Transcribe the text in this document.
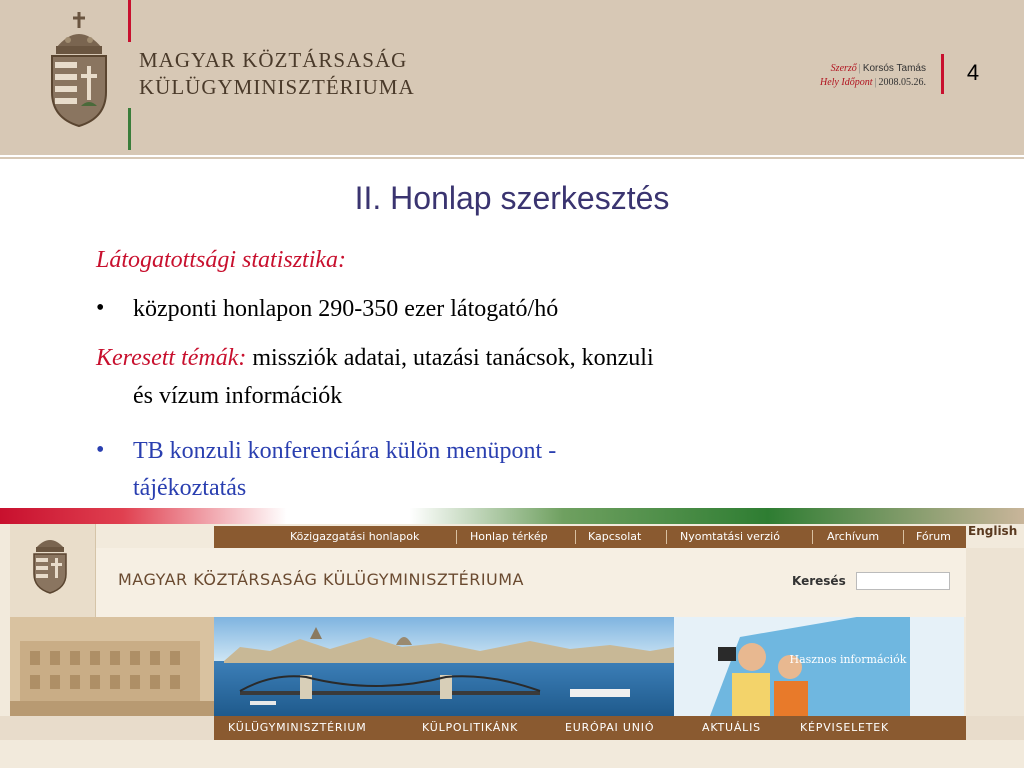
MAGYAR KÖZTÁRSASÁG
KÜLÜGYMINISZTÉRIUMA
Szerző | Korsós Tamás
Hely Időpont | 2008.05.26.	4
II. Honlap szerkesztés
Látogatottsági statisztika:
• központi honlapon 290-350 ezer látogató/hó
Keresett témák: missziók adatai, utazási tanácsok, konzuli
és vízum információk
• TB konzuli konferenciára külön menüpont -
tájékoztatás
Közigazgatási honlapok	Honlap térkép	Kapcsolat	Nyomtatási verzió	Archívum	Fórum English
MAGYAR KÖZTÁRSASÁG KÜLÜGYMINISZTÉRIUMA	Keresés
Hasznos információk
KÜLÜGYMINISZTÉRIUM	KÜLPOLITIKÁNK	EURÓPAI UNIÓ	AKTUÁLIS	KÉPVISELETEK
